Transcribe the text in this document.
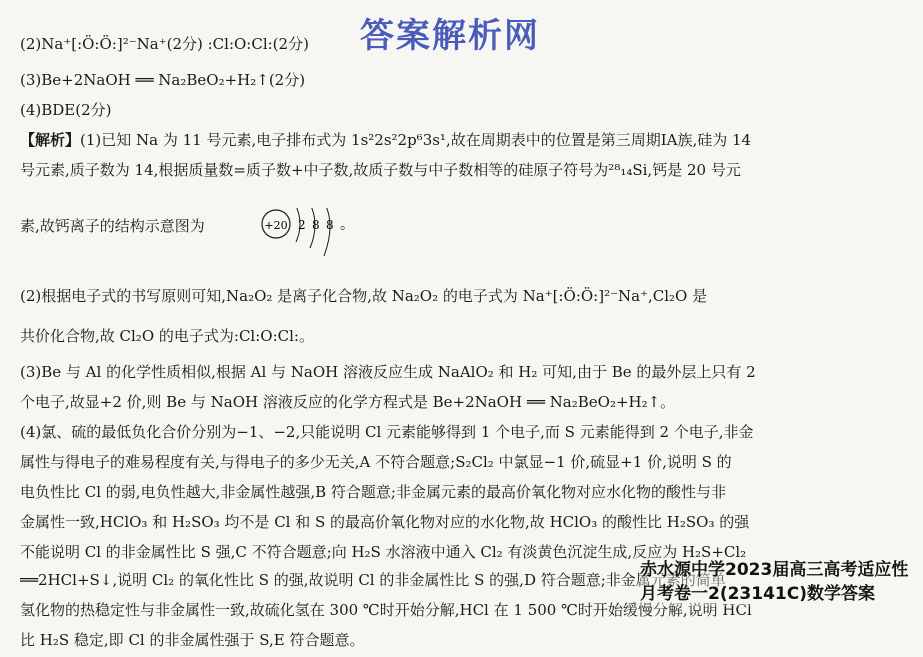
答案解析网
(2)Na⁺[:Ö:Ö:]²⁻Na⁺(2分) :Cl:O:Cl:(2分)
(3)Be+2NaOH ══ Na₂BeO₂+H₂↑(2分)
(4)BDE(2分)
【解析】(1)已知 Na 为 11 号元素,电子排布式为 1s²2s²2p⁶3s¹,故在周期表中的位置是第三周期ⅠA族,硅为 14
号元素,质子数为 14,根据质量数=质子数+中子数,故质子数与中子数相等的硅原子符号为²⁸₁₄Si,钙是 20 号元
素,故钙离子的结构示意图为	+20 2 8 8 。
(2)根据电子式的书写原则可知,Na₂O₂ 是离子化合物,故 Na₂O₂ 的电子式为 Na⁺[:Ö:Ö:]²⁻Na⁺,Cl₂O 是
共价化合物,故 Cl₂O 的电子式为:Cl:O:Cl:。
(3)Be 与 Al 的化学性质相似,根据 Al 与 NaOH 溶液反应生成 NaAlO₂ 和 H₂ 可知,由于 Be 的最外层上只有 2
个电子,故显+2 价,则 Be 与 NaOH 溶液反应的化学方程式是 Be+2NaOH ══ Na₂BeO₂+H₂↑。
(4)氯、硫的最低负化合价分别为−1、−2,只能说明 Cl 元素能够得到 1 个电子,而 S 元素能得到 2 个电子,非金
属性与得电子的难易程度有关,与得电子的多少无关,A 不符合题意;S₂Cl₂ 中氯显−1 价,硫显+1 价,说明 S 的
电负性比 Cl 的弱,电负性越大,非金属性越强,B 符合题意;非金属元素的最高价氧化物对应水化物的酸性与非
金属性一致,HClO₃ 和 H₂SO₃ 均不是 Cl 和 S 的最高价氧化物对应的水化物,故 HClO₃ 的酸性比 H₂SO₃ 的强
不能说明 Cl 的非金属性比 S 强,C 不符合题意;向 H₂S 水溶液中通入 Cl₂ 有淡黄色沉淀生成,反应为 H₂S+Cl₂
══2HCl+S↓,说明 Cl₂ 的氧化性比 S 的强,故说明 Cl 的非金属性比 S 的强,D 符合题意;非金属元素的简单
氢化物的热稳定性与非金属性一致,故硫化氢在 300 ℃时开始分解,HCl 在 1 500 ℃时开始缓慢分解,说明 HCl
比 H₂S 稳定,即 Cl 的非金属性强于 S,E 符合题意。
赤水源中学2023届高三高考适应性月考卷一2(23141C)数学答案
